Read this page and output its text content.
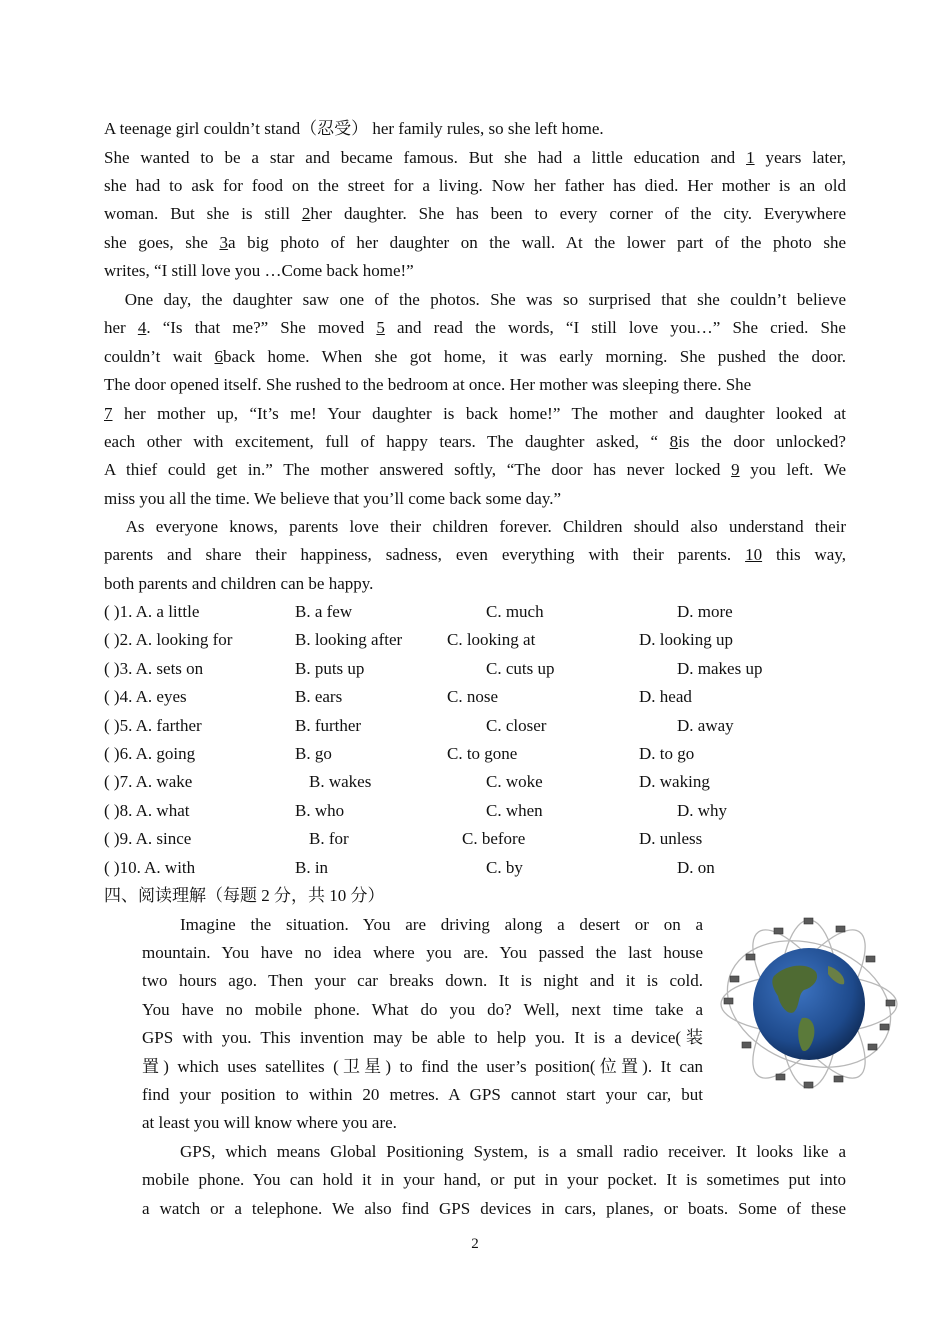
A teenage girl couldn’t stand（忍受） her family rules, so she left home.
She wanted to be a star and became famous. But she had a little education and 1 years later,
she had to ask for food on the street for a living. Now her father has died. Her mother is an old
woman. But she is still 2her daughter. She has been to every corner of the city. Everywhere
she goes, she 3a big photo of her daughter on the wall. At the lower part of the photo she
writes, “I still love you …Come back home!”
One day, the daughter saw one of the photos. She was so surprised that she couldn’t believe
her 4. “Is that me?” She moved 5 and read the words, “I still love you…” She cried. She
couldn’t wait 6back home. When she got home, it was early morning. She pushed the door.
The door opened itself. She rushed to the bedroom at once. Her mother was sleeping there. She
7 her mother up, “It’s me! Your daughter is back home!” The mother and daughter looked at
each other with excitement, full of happy tears. The daughter asked, “ 8is the door unlocked?
A thief could get in.” The mother answered softly, “The door has never locked 9 you left. We
miss you all the time. We believe that you’ll come back some day.”
As everyone knows, parents love their children forever. Children should also understand their
parents and share their happiness, sadness, even everything with their parents. 10 this way,
both parents and children can be happy.
( )1. A. a little	B. a few	C. much	D. more
( )2. A. looking for	B. looking after	C. looking at	D. looking up
( )3. A. sets on	B. puts up	C. cuts up	D. makes up
( )4. A. eyes	B. ears	C. nose	D. head
( )5. A. farther	B. further	C. closer	D. away
( )6. A. going	B. go	C. to gone	D. to go
( )7. A. wake	B. wakes	C. woke	D. waking
( )8. A. what	B. who	C. when	D. why
( )9. A. since	B. for	C. before	D. unless
( )10. A. with	B. in	C. by	D. on
四、阅读理解（每题 2 分，共 10 分）
Imagine the situation. You are driving along a desert or on a
mountain. You have no idea where you are. You passed the last house
two hours ago. Then your car breaks down. It is night and it is cold.
You have no mobile phone. What do you do? Well, next time take a
GPS with you. This invention may be able to help you. It is a device(装
置) which uses satellites (卫星) to find the user’s position(位置). It can
find your position to within 20 metres. A GPS cannot start your car, but
at least you will know where you are.
GPS, which means Global Positioning System, is a small radio receiver. It looks like a
mobile phone. You can hold it in your hand, or put in your pocket. It is sometimes put into
a watch or a telephone. We also find GPS devices in cars, planes, or boats. Some of these
2
